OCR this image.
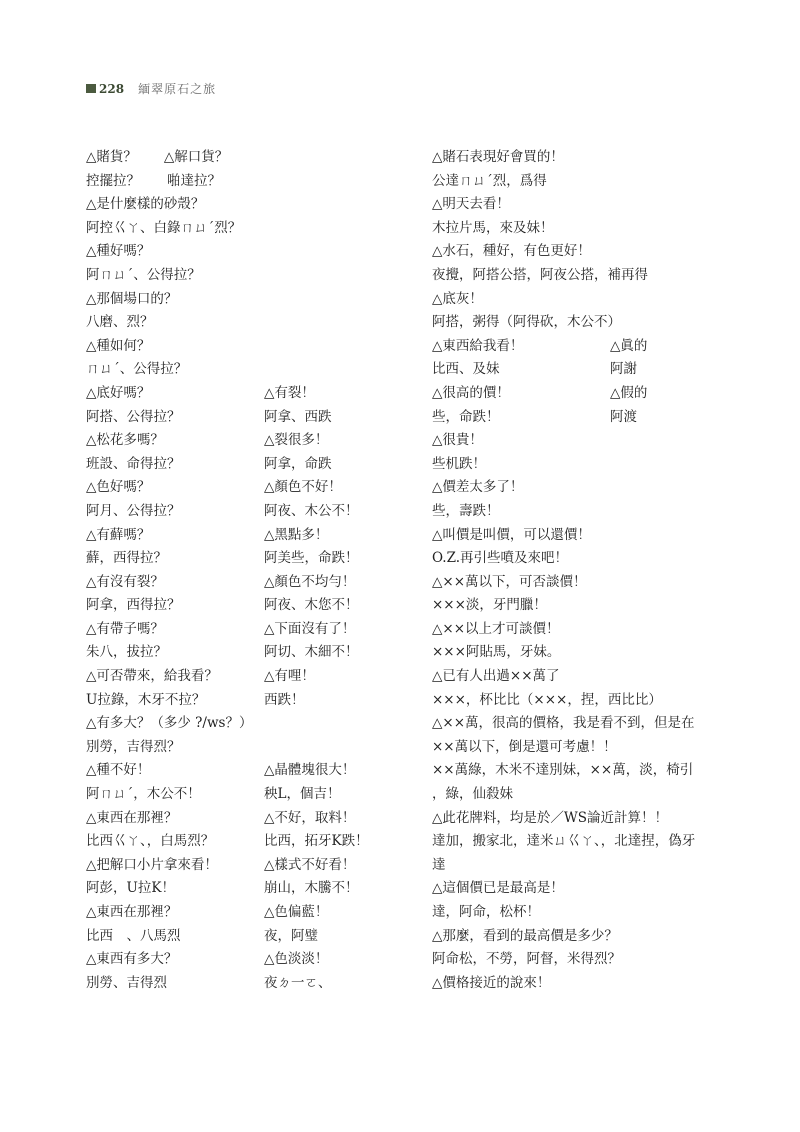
228 緬翠原石之旅
△賭貨？　　△解口貨？
控擺拉？　　啪達拉？
△是什麼樣的砂殼？
阿控巜ㄚ、白錄ㄇㄩˊ烈？
△種好嗎？
阿ㄇㄩˊ、公得拉？
△那個場口的？
八磨、烈？
△種如何？
ㄇㄩˊ、公得拉？
△底好嗎？	△有裂！
阿搭、公得拉？	阿拿、西跌
△松花多嗎？	△裂很多！
班設、命得拉？	阿拿，命跌
△色好嗎？	△顏色不好！
阿月、公得拉？	阿夜、木公不！
△有蘚嗎？	△黑點多！
蘚，西得拉？	阿美些，命跌！
△有沒有裂？	△顏色不均勻！
阿拿，西得拉？	阿夜、木您不！
△有帶子嗎？	△下面沒有了！
朱八，拔拉？	阿切、木細不！
△可否帶來，給我看？	△有哩！
U拉錄，木牙不拉？	西跌！
△有多大？（多少 ?/ws？）
別勞，吉得烈？
△種不好！	△晶體塊很大！
阿ㄇㄩˊ，木公不！	秧L，個吉！
△東西在那裡？	△不好，取料！
比西巜ㄚ、，白馬烈？	比西，拓牙K跌！
△把解口小片拿來看！	△樣式不好看！
阿彭，U拉K！	崩山，木騰不！
△東西在那裡？	△色偏藍！
比西　、八馬烈	夜，阿璧
△東西有多大？	△色淡淡！
別勞、吉得烈	夜ㄉ一ㄛ、
△賭石表現好會買的！
公達ㄇㄩˊ烈，爲得
△明天去看！
木拉片馬，來及妹！
△水石，種好，有色更好！
夜攪，阿搭公搭，阿夜公搭，補再得
△底灰！
阿搭，粥得（阿得砍，木公不）
△東西給我看！	△眞的
比西、及妹	阿謝
△很高的價！	△假的
些，命跌！	阿渡
△很貴！
些机跌！
△價差太多了！
些，壽跌！
△叫價是叫價，可以還價！
O.Z.再引些噴及來吧！
△××萬以下，可否談價！
×××淡，牙門臘！
△××以上才可談價！
×××阿貼馬，牙妹。
△已有人出過××萬了
×××，杯比比（×××，捏，西比比）
△××萬，很高的價格，我是看不到，但是在
××萬以下，倒是還可考慮！！
××萬綠，木米不達別妹，××萬，淡，椅引
，綠，仙殺妹
△此花牌料，均是於／WS論近計算！！
達加，搬家北，達米ㄩ巜ㄚ、，北達捏，偽牙
達
△這個價已是最高是！
達，阿命，松杯！
△那麼，看到的最高價是多少？
阿命松，不勞，阿督，米得烈？
△價格接近的說來！
